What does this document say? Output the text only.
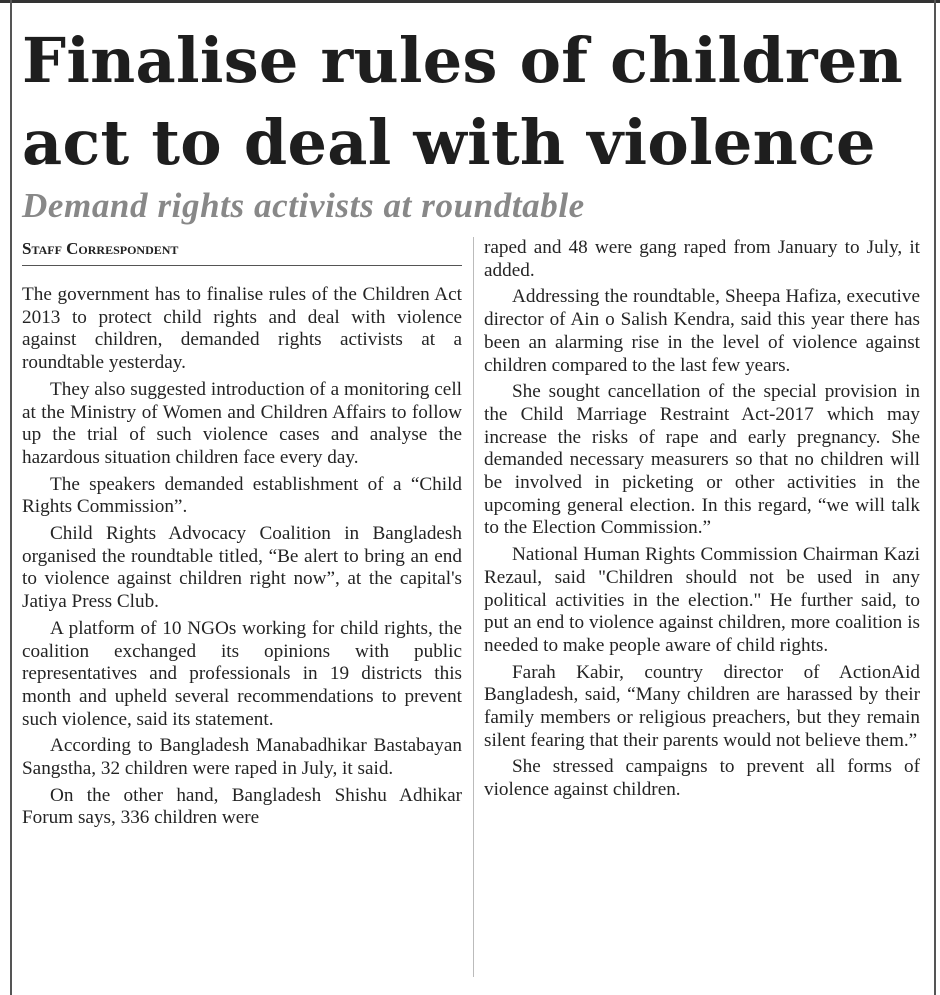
Finalise rules of children act to deal with violence
Demand rights activists at roundtable
Staff Correspondent

The government has to finalise rules of the Children Act 2013 to protect child rights and deal with violence against children, demanded rights activists at a roundtable yesterday.

They also suggested introduction of a monitoring cell at the Ministry of Women and Children Affairs to follow up the trial of such violence cases and analyse the hazardous situation children face every day.

The speakers demanded establishment of a “Child Rights Commission”.

Child Rights Advocacy Coalition in Bangladesh organised the roundtable titled, “Be alert to bring an end to violence against children right now”, at the capital's Jatiya Press Club.

A platform of 10 NGOs working for child rights, the coalition exchanged its opinions with public representatives and professionals in 19 districts this month and upheld several recommendations to prevent such violence, said its statement.

According to Bangladesh Manabadhikar Bastabayan Sangstha, 32 children were raped in July, it said.

On the other hand, Bangladesh Shishu Adhikar Forum says, 336 children were

raped and 48 were gang raped from January to July, it added.

Addressing the roundtable, Sheepa Hafiza, executive director of Ain o Salish Kendra, said this year there has been an alarming rise in the level of violence against children compared to the last few years.

She sought cancellation of the special provision in the Child Marriage Restraint Act-2017 which may increase the risks of rape and early pregnancy. She demanded necessary measurers so that no children will be involved in picketing or other activities in the upcoming general election. In this regard, “we will talk to the Election Commission.”

National Human Rights Commission Chairman Kazi Rezaul, said "Children should not be used in any political activities in the election." He further said, to put an end to violence against children, more coalition is needed to make people aware of child rights.

Farah Kabir, country director of ActionAid Bangladesh, said, “Many children are harassed by their family members or religious preachers, but they remain silent fearing that their parents would not believe them.”

She stressed campaigns to prevent all forms of violence against children.
